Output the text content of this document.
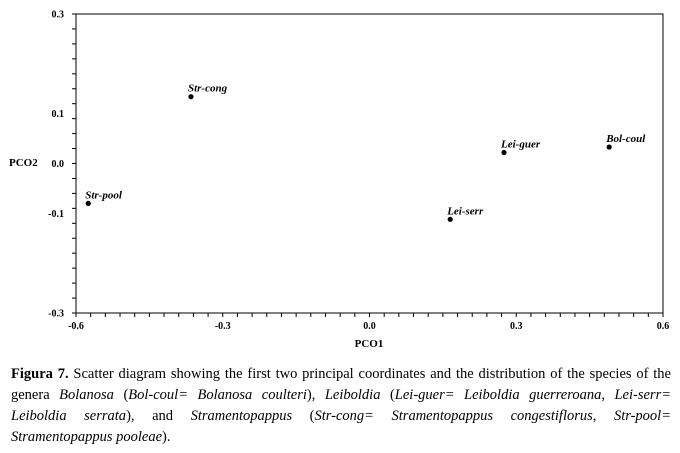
0.3
0.1
0.0
-0.1
-0.3
-0.6	-0.3	0.0	0.3	0.6
Str-cong
Lei-guer	Bol-coul
Str-pool
Lei-serr
PCO2
PCO1

Figura 7. Scatter diagram showing the first two principal coordinates and the distribution of the species of the genera Bolanosa (Bol-coul= Bolanosa coulteri), Leiboldia (Lei-guer= Leiboldia guerreroana, Lei-serr= Leiboldia serrata), and Stramentopappus (Str-cong= Stramentopappus congestiflorus, Str-pool= Stramentopappus pooleae).
